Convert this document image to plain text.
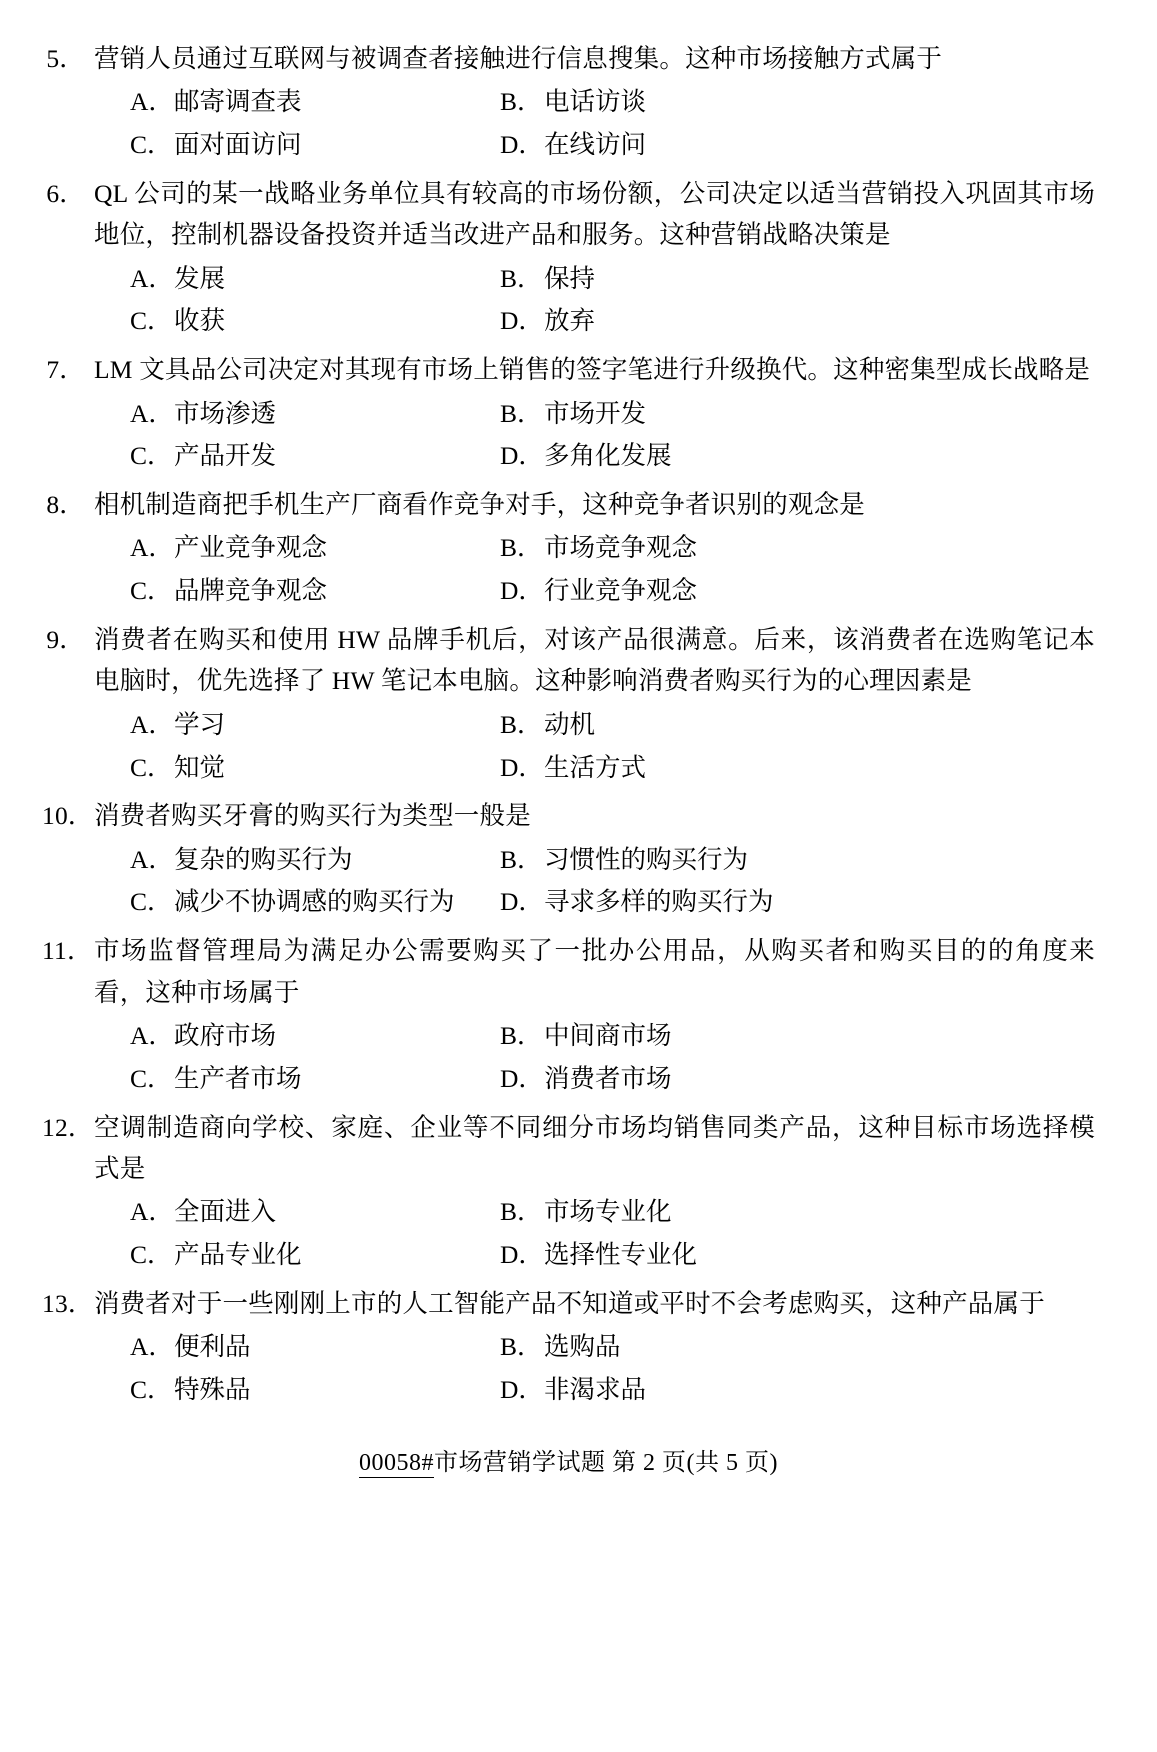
5． 营销人员通过互联网与被调查者接触进行信息搜集。这种市场接触方式属于
A． 邮寄调查表	B． 电话访谈
C． 面对面访问	D． 在线访问
6． QL 公司的某一战略业务单位具有较高的市场份额，公司决定以适当营销投入巩固其市场地位，控制机器设备投资并适当改进产品和服务。这种营销战略决策是
A． 发展	B． 保持
C． 收获	D． 放弃
7． LM 文具品公司决定对其现有市场上销售的签字笔进行升级换代。这种密集型成长战略是
A． 市场渗透	B． 市场开发
C． 产品开发	D． 多角化发展
8． 相机制造商把手机生产厂商看作竞争对手，这种竞争者识别的观念是
A． 产业竞争观念	B． 市场竞争观念
C． 品牌竞争观念	D． 行业竞争观念
9． 消费者在购买和使用 HW 品牌手机后，对该产品很满意。后来，该消费者在选购笔记本电脑时，优先选择了 HW 笔记本电脑。这种影响消费者购买行为的心理因素是
A． 学习	B． 动机
C． 知觉	D． 生活方式
10． 消费者购买牙膏的购买行为类型一般是
A． 复杂的购买行为	B． 习惯性的购买行为
C． 减少不协调感的购买行为	D． 寻求多样的购买行为
11． 市场监督管理局为满足办公需要购买了一批办公用品，从购买者和购买目的的角度来看，这种市场属于
A． 政府市场	B． 中间商市场
C． 生产者市场	D． 消费者市场
12． 空调制造商向学校、家庭、企业等不同细分市场均销售同类产品，这种目标市场选择模式是
A． 全面进入	B． 市场专业化
C． 产品专业化	D． 选择性专业化
13． 消费者对于一些刚刚上市的人工智能产品不知道或平时不会考虑购买，这种产品属于
A． 便利品	B． 选购品
C． 特殊品	D． 非渴求品
00058#市场营销学试题 第 2 页(共 5 页)
